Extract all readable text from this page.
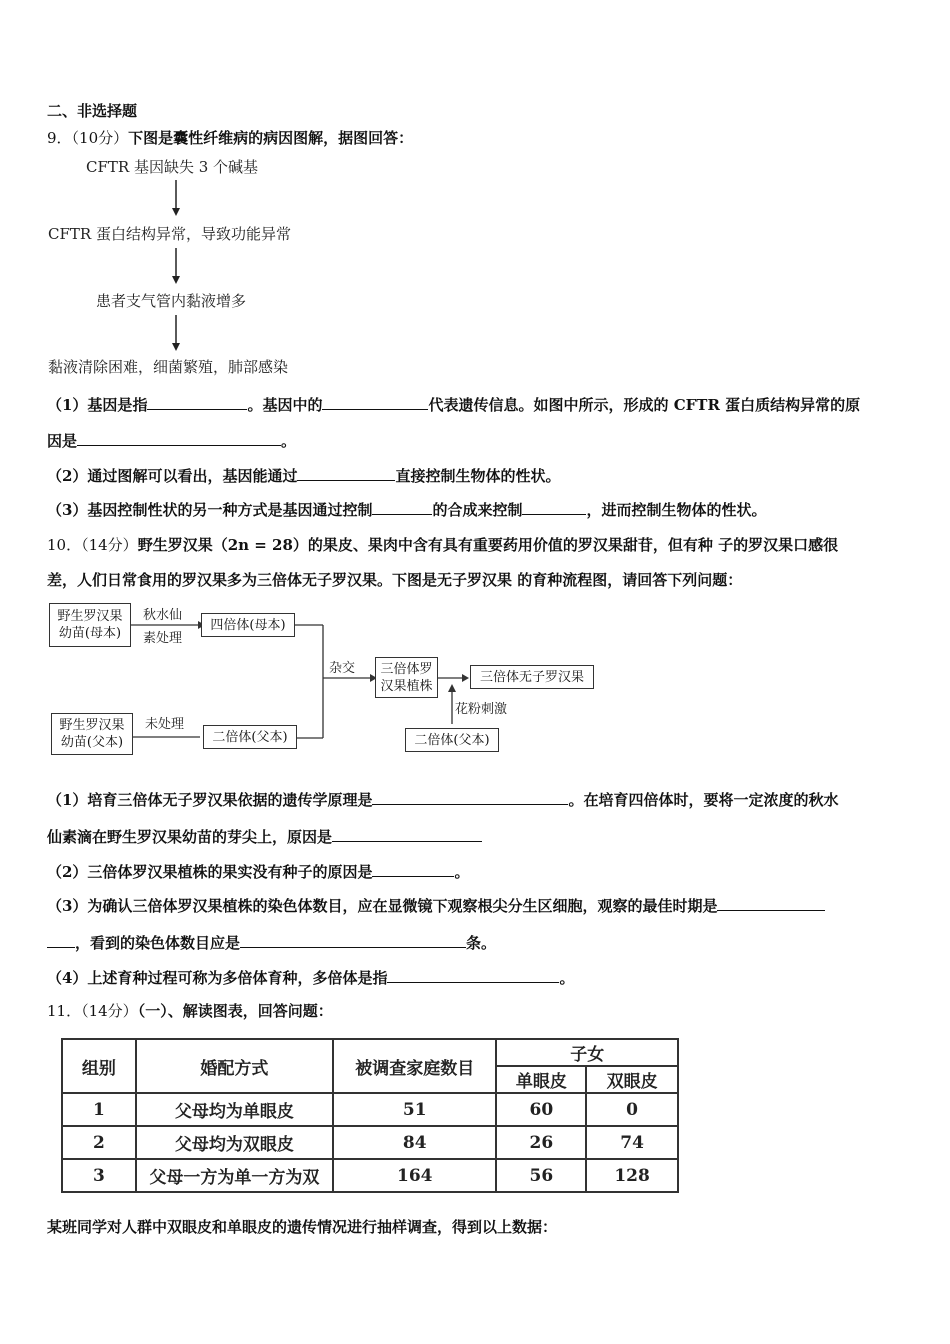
二、非选择题
9．（10分）下图是囊性纤维病的病因图解，据图回答：
CFTR 基因缺失 3 个碱基
CFTR 蛋白结构异常，导致功能异常
患者支气管内黏液增多
黏液清除困难，细菌繁殖，肺部感染
（1）基因是指	。基因中的	代表遗传信息。如图中所示，形成的 CFTR 蛋白质结构异常的原
因是	。
（2）通过图解可以看出，基因能通过	直接控制生物体的性状。
（3）基因控制性状的另一种方式是基因通过控制	的合成来控制	，进而控制生物体的性状。
10．（14分）野生罗汉果（2n = 28）的果皮、果肉中含有具有重要药用价值的罗汉果甜苷，但有种 子的罗汉果口感很
差，人们日常食用的罗汉果多为三倍体无子罗汉果。下图是无子罗汉果 的育种流程图，请回答下列问题：
野生罗汉果
幼苗(母本)
秋水仙
素处理
四倍体(母本)
杂交 三倍体罗
汉果植株
三倍体无子罗汉果
花粉刺激
野生罗汉果
幼苗(父本)
未处理
二倍体(父本)	二倍体(父本)
（1）培育三倍体无子罗汉果依据的遗传学原理是	。在培育四倍体时，要将一定浓度的秋水
仙素滴在野生罗汉果幼苗的芽尖上，原因是
（2）三倍体罗汉果植株的果实没有种子的原因是	。
（3）为确认三倍体罗汉果植株的染色体数目，应在显微镜下观察根尖分生区细胞，观察的最佳时期是
，看到的染色体数目应是	条。
（4）上述育种过程可称为多倍体育种，多倍体是指	。
11．（14分）（一）、解读图表，回答问题：
组别	婚配方式	被调查家庭数目	子女	
			单眼皮	双眼皮
1	父母均为单眼皮	51	60	0
2	父母均为双眼皮	84	26	74
3	父母一方为单一方为双	164	56	128
某班同学对人群中双眼皮和单眼皮的遗传情况进行抽样调查，得到以上数据：
